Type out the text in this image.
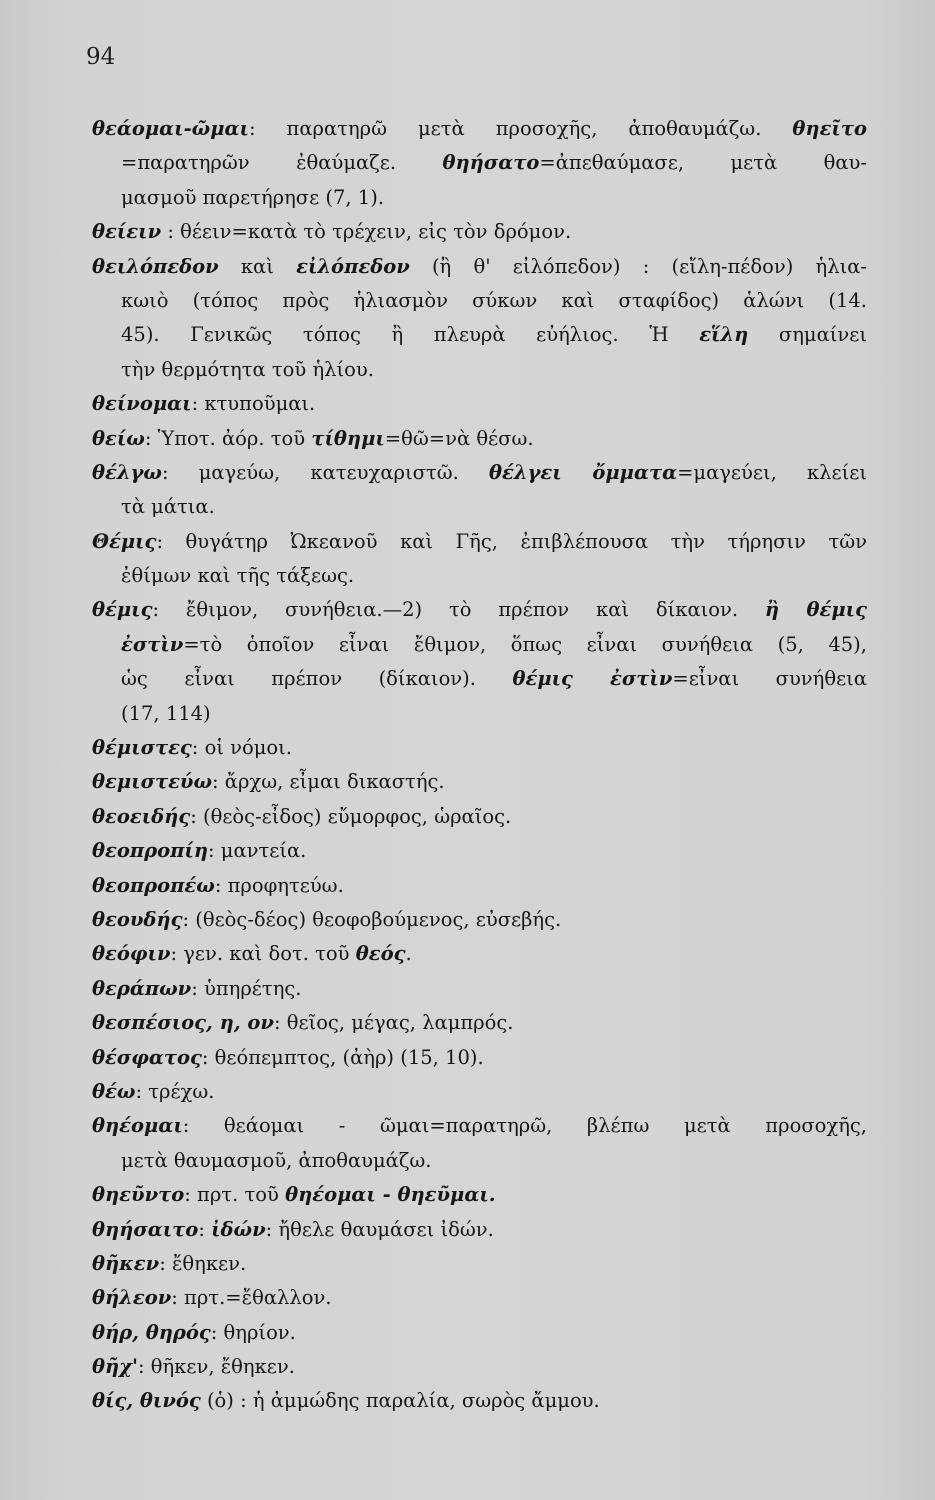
94
θεάομαι-ῶμαι: παρατηρῶ μετὰ προσοχῆς, ἀποθαυμάζω. θηεῖτο
=παρατηρῶν ἐθαύμαζε. θηήσατο=ἀπεθαύμασε, μετὰ θαυ-
μασμοῦ παρετήρησε (7, 1).
θείειν : θέειν=κατὰ τὸ τρέχειν, εἰς τὸν δρόμον.
θειλόπεδον καὶ εἰλόπεδον (ἢ θ' εἰλόπεδον) : (εἴλη-πέδον) ἡλια-
κωιὸ (τόπος πρὸς ἡλιασμὸν σύκων καὶ σταφίδος) ἁλώνι (14.
45). Γενικῶς τόπος ἢ πλευρὰ εὐήλιος. Ἡ εἵλη σημαίνει
τὴν θερμότητα τοῦ ἡλίου.
θείνομαι: κτυποῦμαι.
θείω: Ὑποτ. ἀόρ. τοῦ τίθημι=θῶ=νὰ θέσω.
θέλγω: μαγεύω, κατευχαριστῶ. θέλγει ὄμματα=μαγεύει, κλείει
τὰ μάτια.
Θέμις: θυγάτηρ Ὠκεανοῦ καὶ Γῆς, ἐπιβλέπουσα τὴν τήρησιν τῶν
ἐθίμων καὶ τῆς τάξεως.
θέμις: ἔθιμον, συνήθεια.—2) τὸ πρέπον καὶ δίκαιον. ἢ θέμις
ἐστὶν=τὸ ὁποῖον εἶναι ἔθιμον, ὅπως εἶναι συνήθεια (5, 45),
ὡς εἶναι πρέπον (δίκαιον). θέμις ἐστὶν=εἶναι συνήθεια
(17, 114)
θέμιστες: οἱ νόμοι.
θεμιστεύω: ἄρχω, εἶμαι δικαστής.
θεοειδής: (θεὸς-εἶδος) εὔμορφος, ὡραῖος.
θεοπροπίη: μαντεία.
θεοπροπέω: προφητεύω.
θεουδής: (θεὸς-δέος) θεοφοβούμενος, εὐσεβής.
θεόφιν: γεν. καὶ δοτ. τοῦ θεός.
θεράπων: ὑπηρέτης.
θεσπέσιος, η, ον: θεῖος, μέγας, λαμπρός.
θέσφατος: θεόπεμπτος, (ἀὴρ) (15, 10).
θέω: τρέχω.
θηέομαι: θεάομαι - ῶμαι=παρατηρῶ, βλέπω μετὰ προσοχῆς,
μετὰ θαυμασμοῦ, ἀποθαυμάζω.
θηεῦντο: πρτ. τοῦ θηέομαι - θηεῦμαι.
θηήσαιτο: ἰδών: ἤθελε θαυμάσει ἰδών.
θῆκεν: ἔθηκεν.
θήλεον: πρτ.=ἔθαλλον.
θήρ, θηρός: θηρίον.
θῆχ': θῆκεν, ἔθηκεν.
θίς, θινός (ὁ) : ἡ ἀμμώδης παραλία, σωρὸς ἄμμου.
